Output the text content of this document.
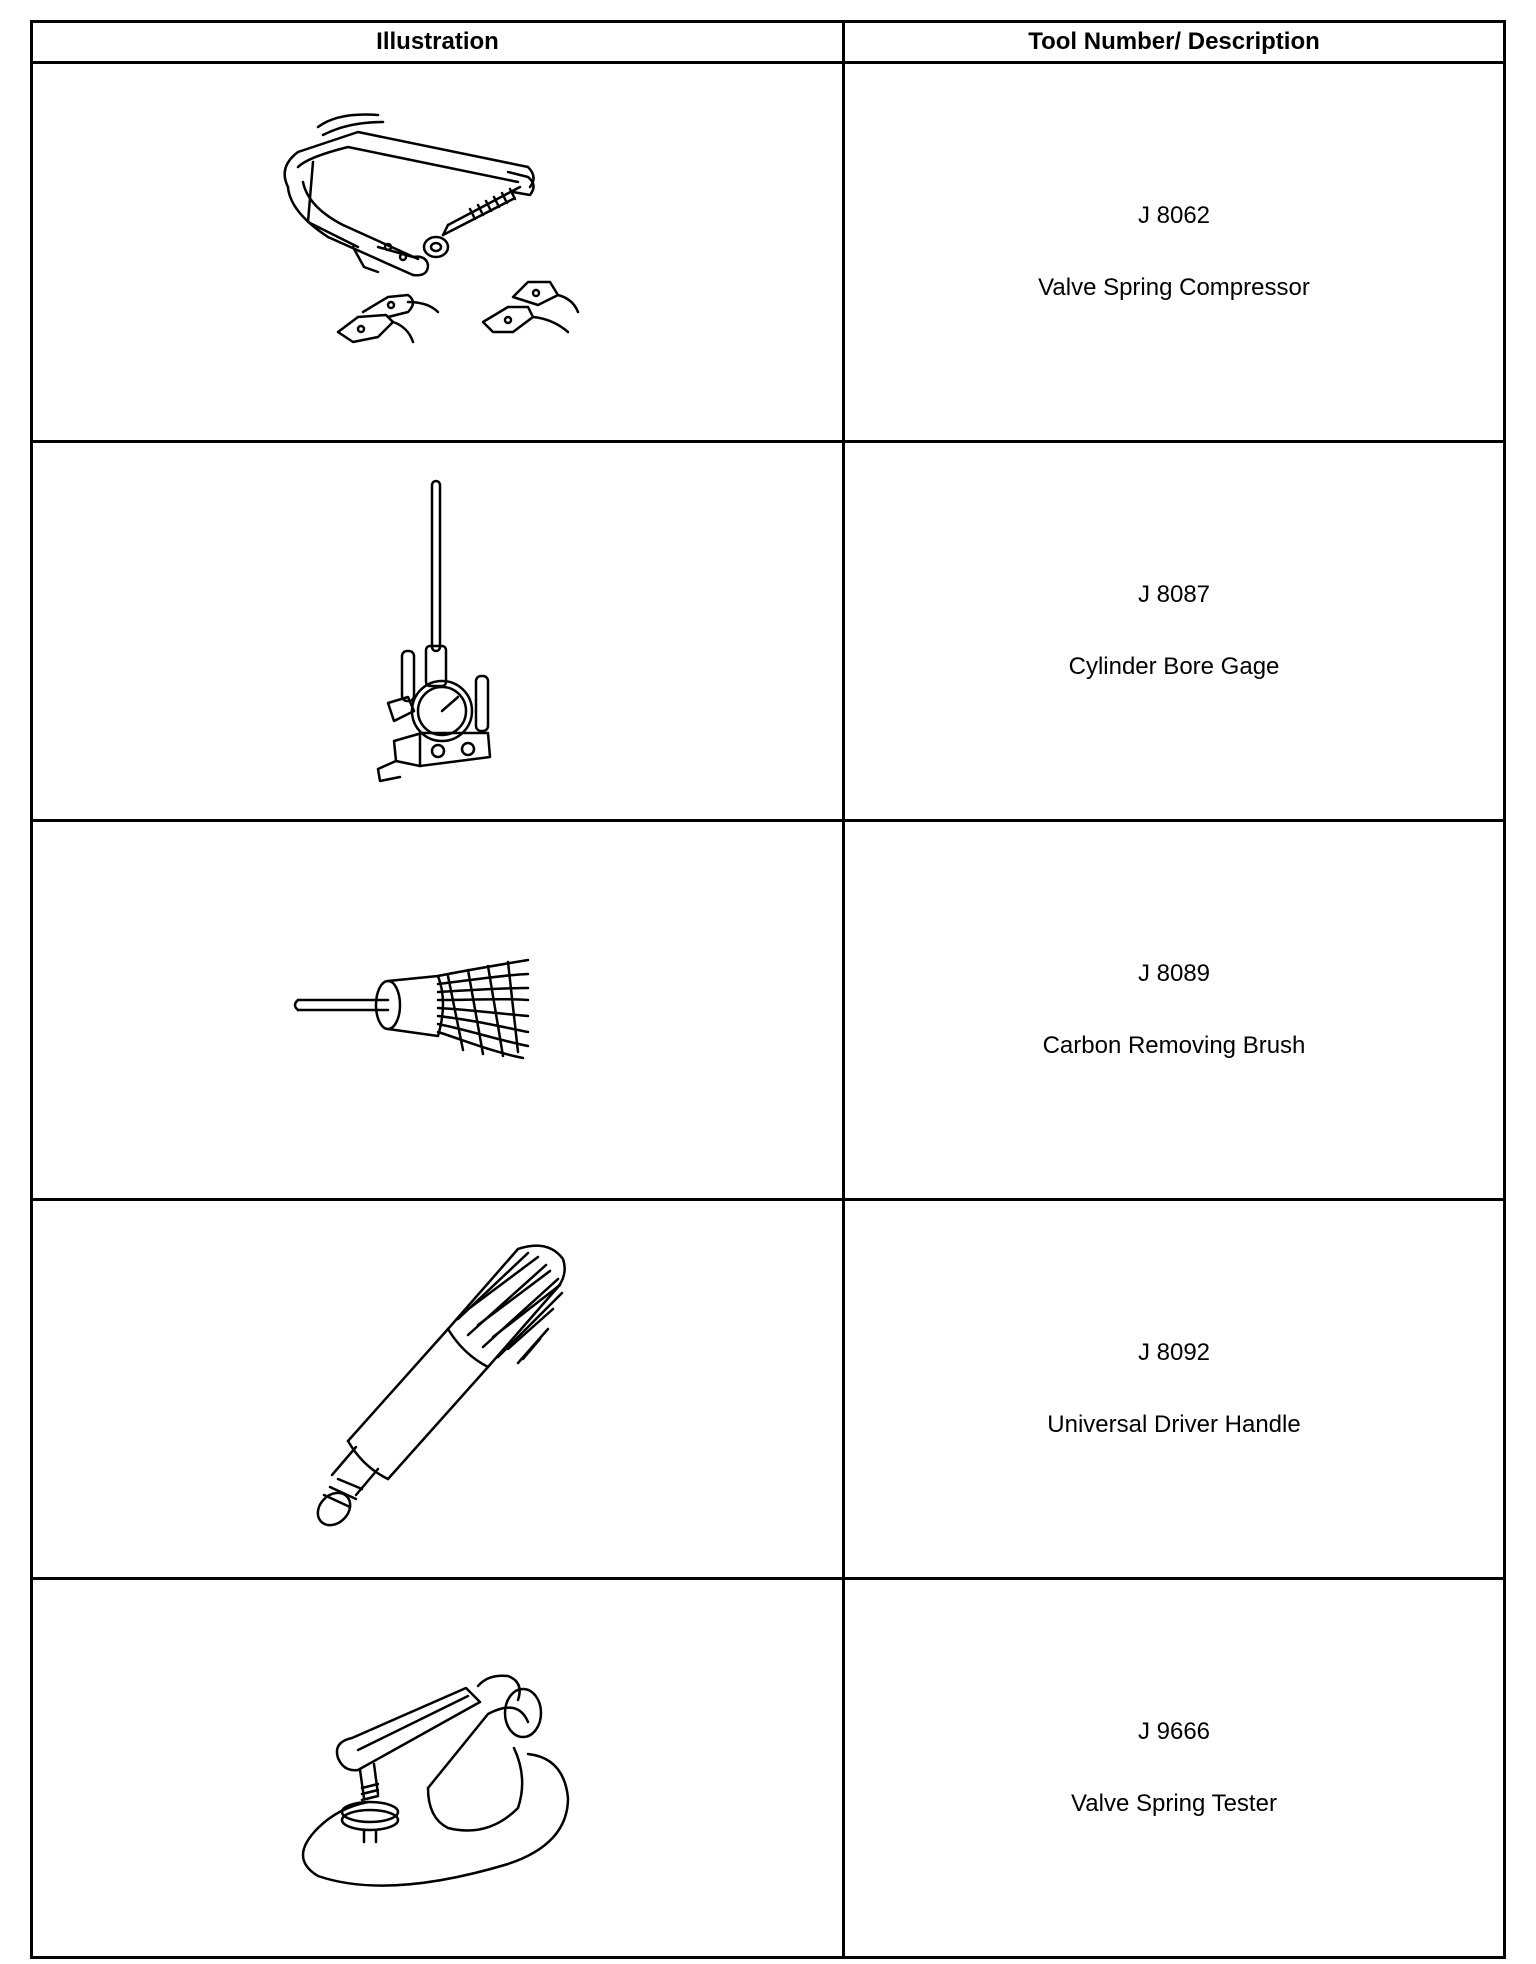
Illustration	Tool Number/ Description

J 8062
Valve Spring Compressor

J 8087
Cylinder Bore Gage

J 8089
Carbon Removing Brush

J 8092
Universal Driver Handle

J 9666
Valve Spring Tester
